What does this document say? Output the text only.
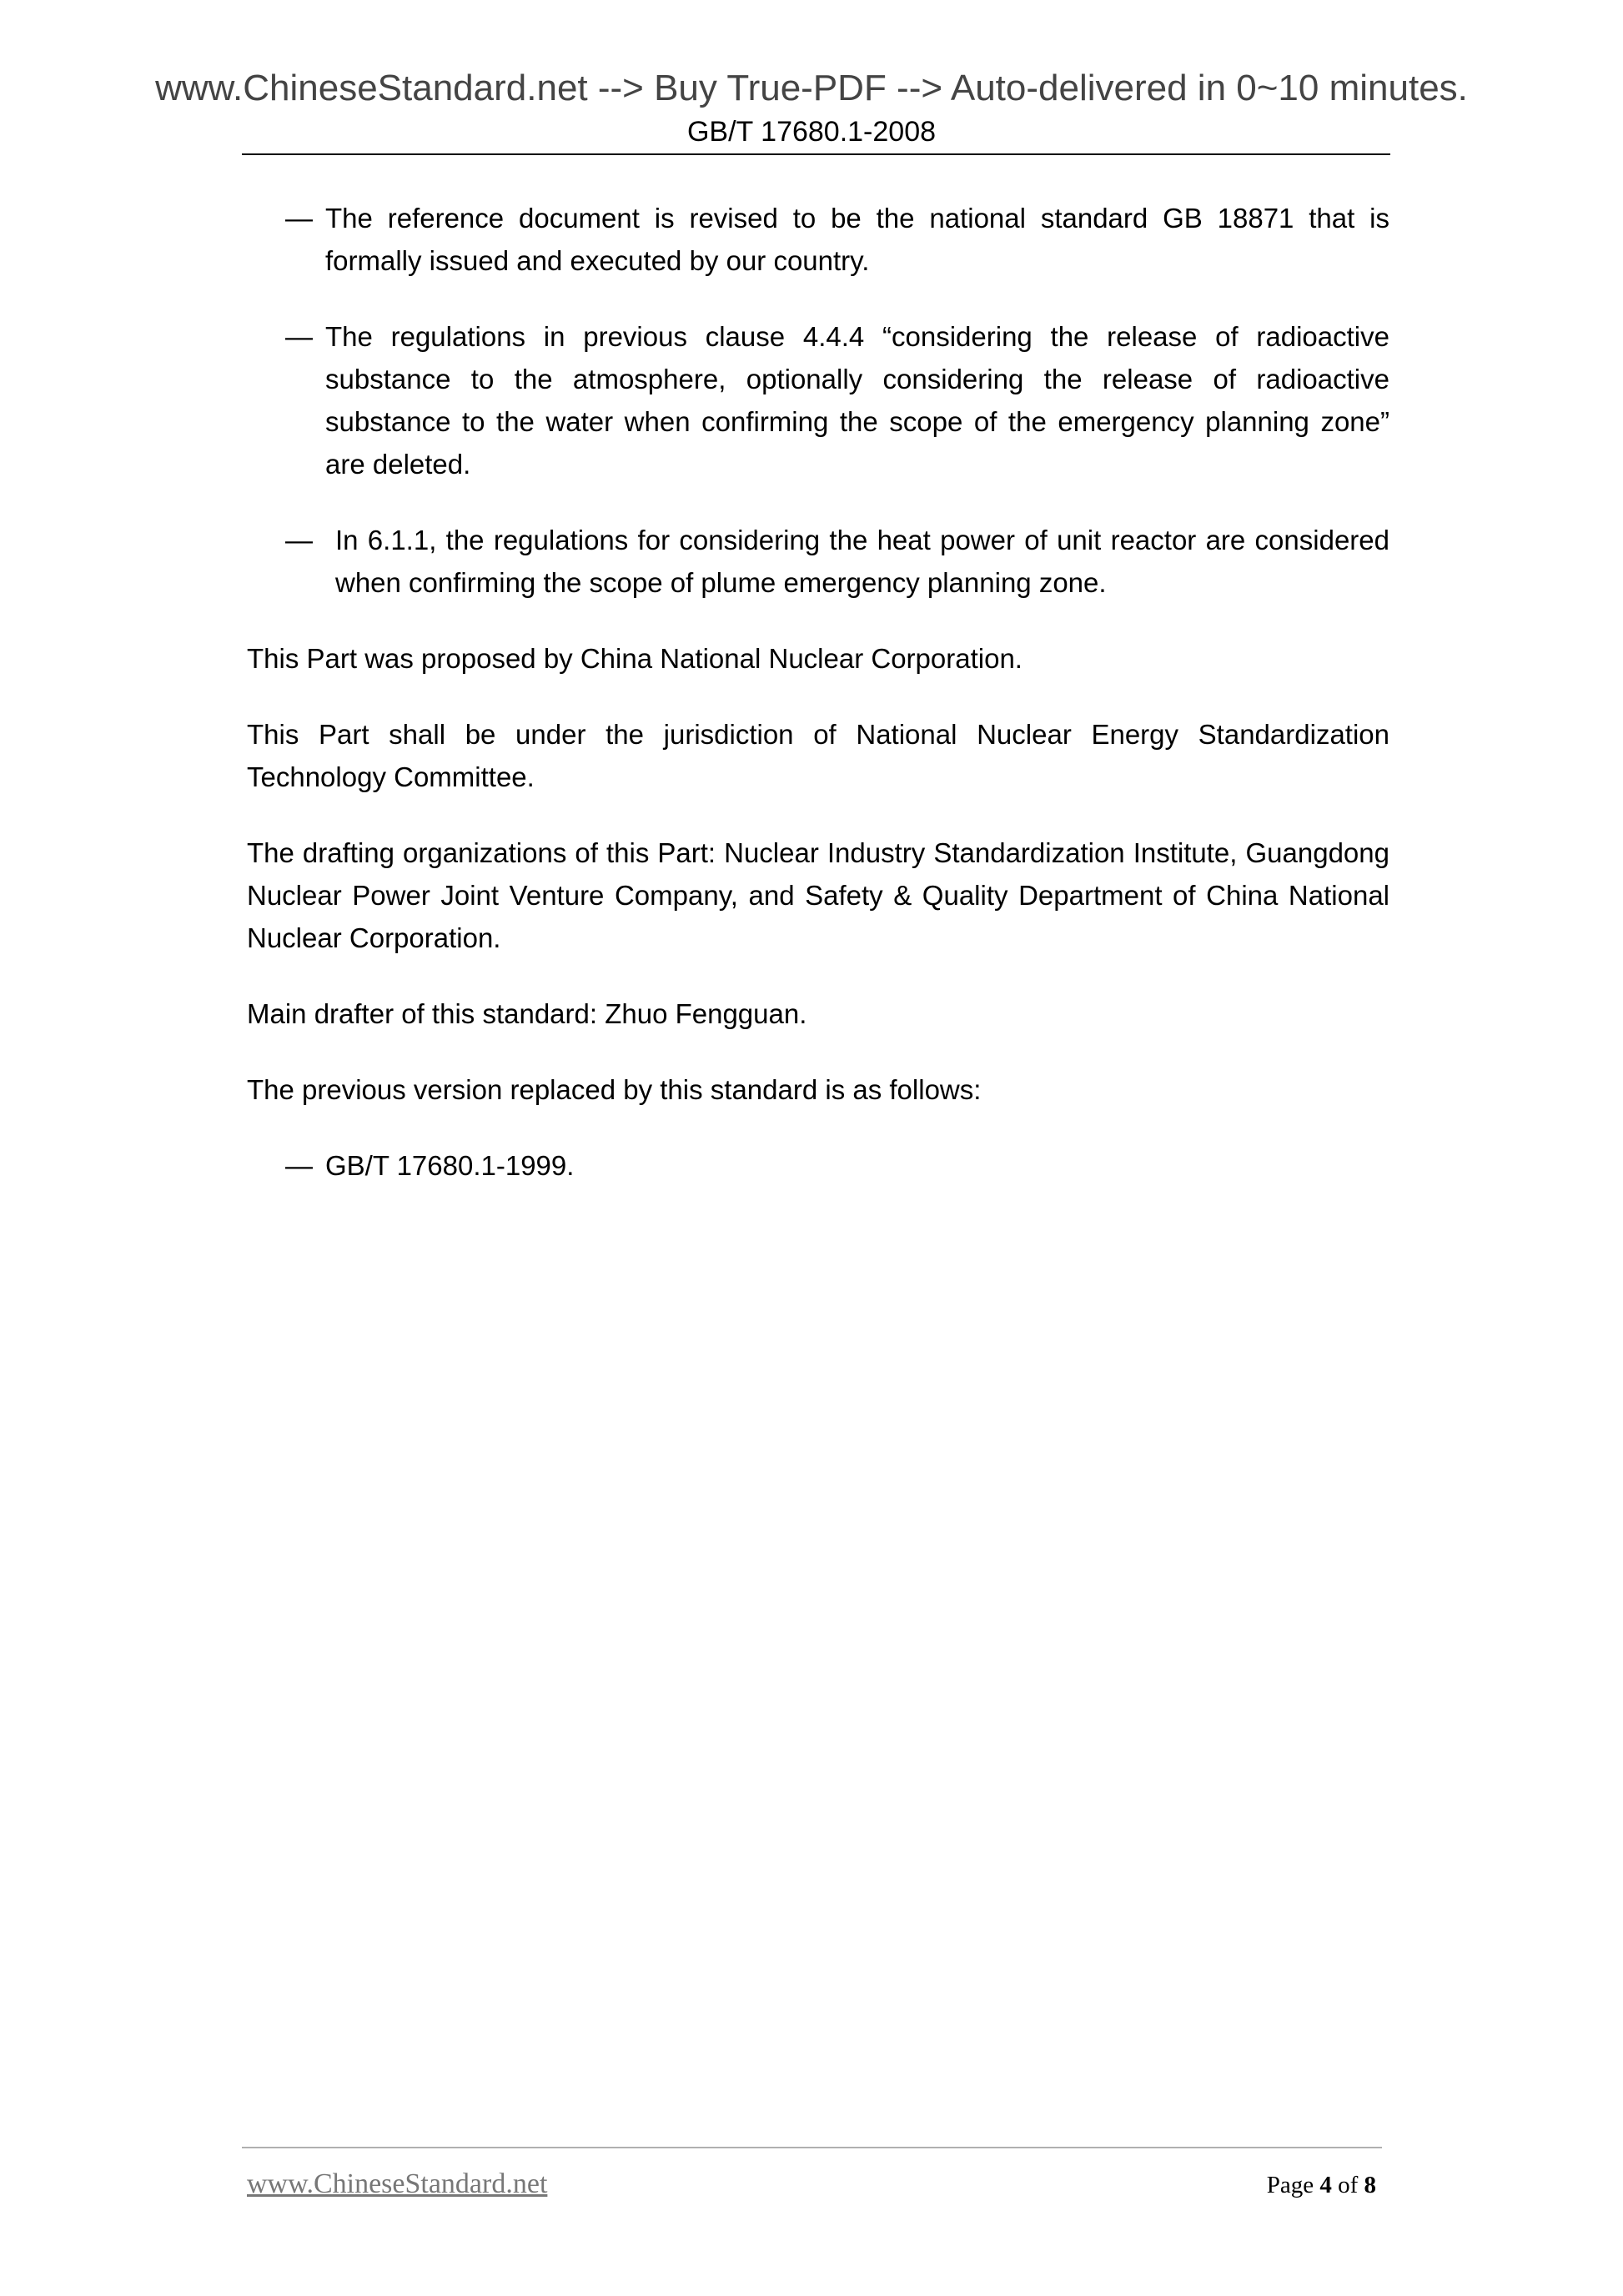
www.ChineseStandard.net --> Buy True-PDF --> Auto-delivered in 0~10 minutes.
GB/T 17680.1-2008
— The reference document is revised to be the national standard GB 18871 that is formally issued and executed by our country.
— The regulations in previous clause 4.4.4 “considering the release of radioactive substance to the atmosphere, optionally considering the release of radioactive substance to the water when confirming the scope of the emergency planning zone” are deleted.
— In 6.1.1, the regulations for considering the heat power of unit reactor are considered when confirming the scope of plume emergency planning zone.

This Part was proposed by China National Nuclear Corporation.

This Part shall be under the jurisdiction of National Nuclear Energy Standardization Technology Committee.

The drafting organizations of this Part: Nuclear Industry Standardization Institute, Guangdong Nuclear Power Joint Venture Company, and Safety & Quality Department of China National Nuclear Corporation.

Main drafter of this standard: Zhuo Fengguan.

The previous version replaced by this standard is as follows:

— GB/T 17680.1-1999.
www.ChineseStandard.net	Page 4 of 8
